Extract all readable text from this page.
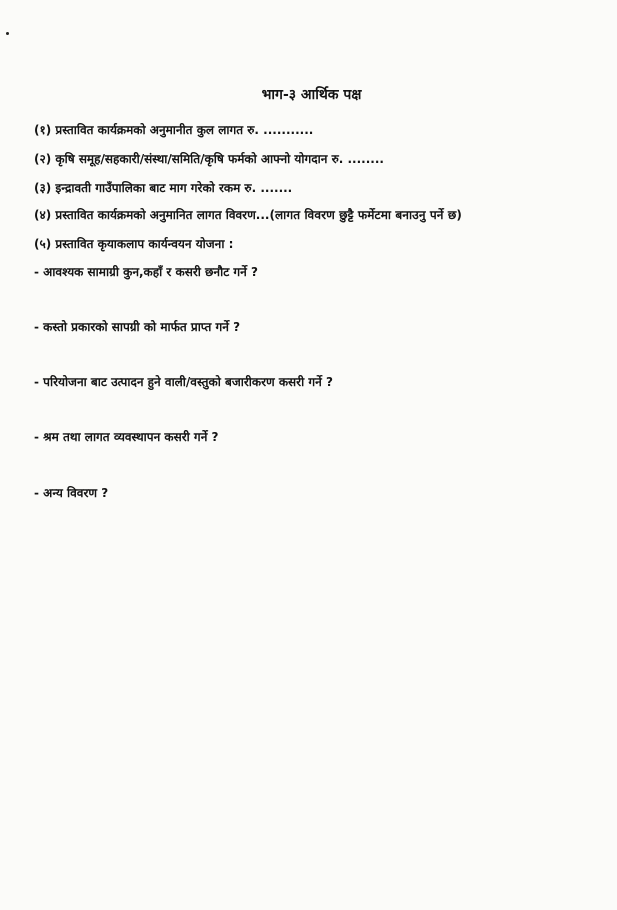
भाग-३ आर्थिक पक्ष
(१) प्रस्तावित कार्यक्रमको अनुमानीत कुल लागत रु. ...........
(२) कृषि समूह/सहकारी/संस्था/समिति/कृषि फर्मको आफ्नो योगदान रु. ........
(३) इन्द्रावती गाउँपालिका बाट माग गरेको रकम रु. .......
(४) प्रस्तावित कार्यक्रमको अनुमानित लागत विवरण...(लागत विवरण छुट्टै फर्मेटमा बनाउनु पर्ने छ)
(५) प्रस्तावित कृयाकलाप कार्यन्वयन योजना :
- आवश्यक सामाग्री कुन,कहाँ र कसरी छनौट गर्ने ?
- कस्तो प्रकारको सापग्री को मार्फत प्राप्त गर्ने ?
- परियोजना बाट उत्पादन हुने वाली/वस्तुको बजारीकरण कसरी गर्ने ?
- श्रम तथा लागत व्यवस्थापन कसरी गर्ने ?
- अन्य विवरण ?
